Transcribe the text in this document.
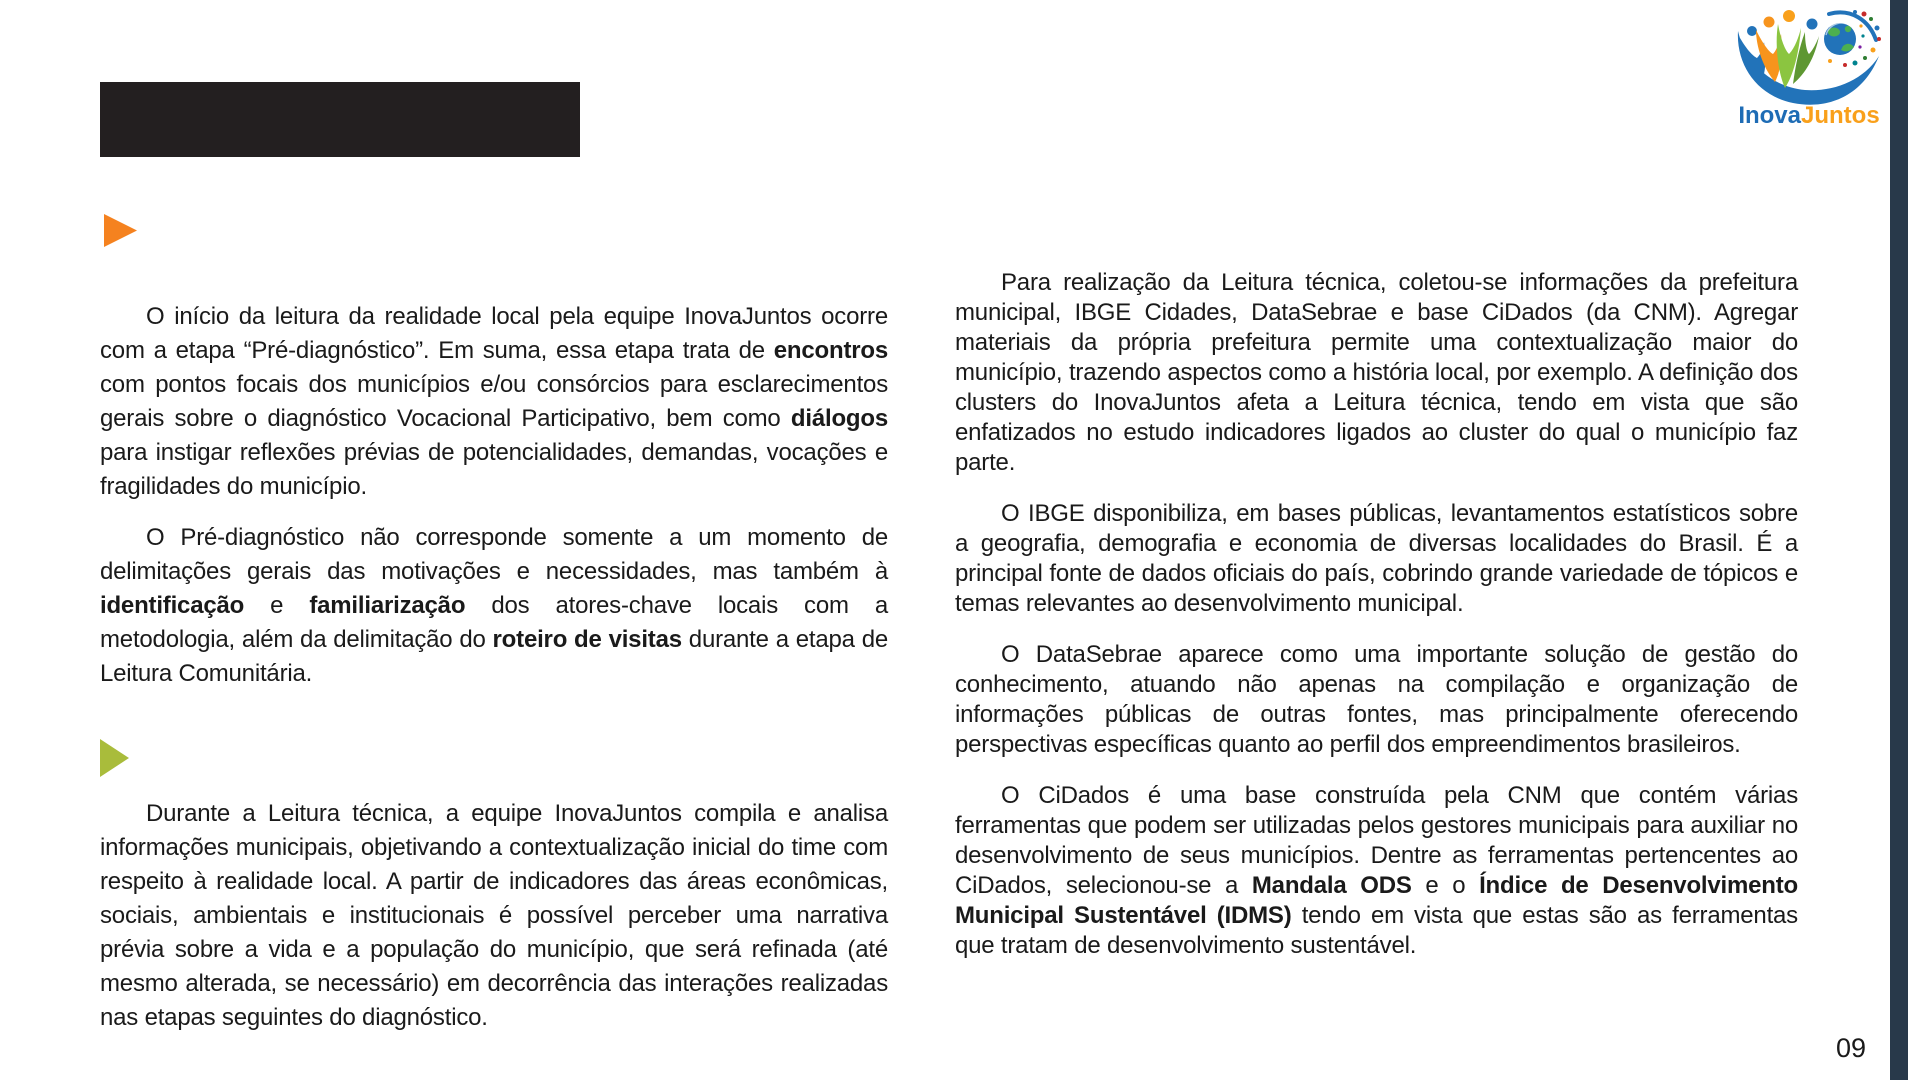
O início da leitura da realidade local pela equipe InovaJuntos ocorre com a etapa “Pré-diagnóstico”. Em suma, essa etapa trata de encontros com pontos focais dos municípios e/ou consórcios para esclarecimentos gerais sobre o diagnóstico Vocacional Participativo, bem como diálogos para instigar reflexões prévias de potencialidades, demandas, vocações e fragilidades do município.

O Pré-diagnóstico não corresponde somente a um momento de delimitações gerais das motivações e necessidades, mas também à identificação e familiarização dos atores-chave locais com a metodologia, além da delimitação do roteiro de visitas durante a etapa de Leitura Comunitária.

Durante a Leitura técnica, a equipe InovaJuntos compila e analisa informações municipais, objetivando a contextualização inicial do time com respeito à realidade local. A partir de indicadores das áreas econômicas, sociais, ambientais e institucionais é possível perceber uma narrativa prévia sobre a vida e a população do município, que será refinada (até mesmo alterada, se necessário) em decorrência das interações realizadas nas etapas seguintes do diagnóstico.

Para realização da Leitura técnica, coletou-se informações da prefeitura municipal, IBGE Cidades, DataSebrae e base CiDados (da CNM). Agregar materiais da própria prefeitura permite uma contextualização maior do município, trazendo aspectos como a história local, por exemplo. A definição dos clusters do InovaJuntos afeta a Leitura técnica, tendo em vista que são enfatizados no estudo indicadores ligados ao cluster do qual o município faz parte.

O IBGE disponibiliza, em bases públicas, levantamentos estatísticos sobre a geografia, demografia e economia de diversas localidades do Brasil. É a principal fonte de dados oficiais do país, cobrindo grande variedade de tópicos e temas relevantes ao desenvolvimento municipal.

O DataSebrae aparece como uma importante solução de gestão do conhecimento, atuando não apenas na compilação e organização de informações públicas de outras fontes, mas principalmente oferecendo perspectivas específicas quanto ao perfil dos empreendimentos brasileiros.

O CiDados é uma base construída pela CNM que contém várias ferramentas que podem ser utilizadas pelos gestores municipais para auxiliar no desenvolvimento de seus municípios. Dentre as ferramentas pertencentes ao CiDados, selecionou-se a Mandala ODS e o Índice de Desenvolvimento Municipal Sustentável (IDMS) tendo em vista que estas são as ferramentas que tratam de desenvolvimento sustentável.

InovaJuntos
09
